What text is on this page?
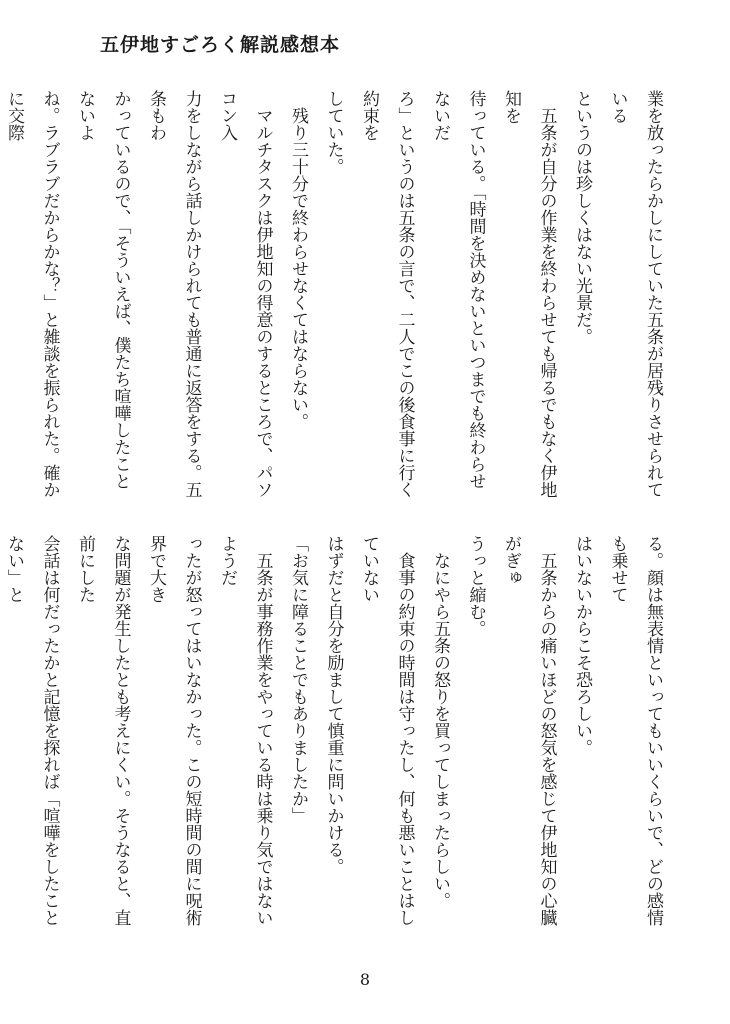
五伊地すごろく解説感想本
業を放ったらかしにしていた五条が居残りさせられている
というのは珍しくはない光景だ。
　五条が自分の作業を終わらせても帰るでもなく伊地知を
待っている。「時間を決めないといつまでも終わらせないだ
ろ」というのは五条の言で、二人でこの後食事に行く約束を
していた。
　残り三十分で終わらせなくてはならない。
　マルチタスクは伊地知の得意のするところで、パソコン入
力をしながら話しかけられても普通に返答をする。五条もわ
かっているので、「そういえば、僕たち喧嘩したことないよ
ね。ラブラブだからかな？」と雑談を振られた。確かに交際

る。顔は無表情といってもいいくらいで、どの感情も乗せて
はいないからこそ恐ろしい。
　五条からの痛いほどの怒気を感じて伊地知の心臓がぎゅ
うっと縮む。
　なにやら五条の怒りを買ってしまったらしい。
　食事の約束の時間は守ったし、何も悪いことはしていない
はずだと自分を励まして慎重に問いかける。
「お気に障ることでもありましたか」
　五条が事務作業をやっている時は乗り気ではないようだ
ったが怒ってはいなかった。この短時間の間に呪術界で大き
な問題が発生したとも考えにくい。そうなると、直前にした
会話は何だったかと記憶を探れば「喧嘩をしたことない」と

8
